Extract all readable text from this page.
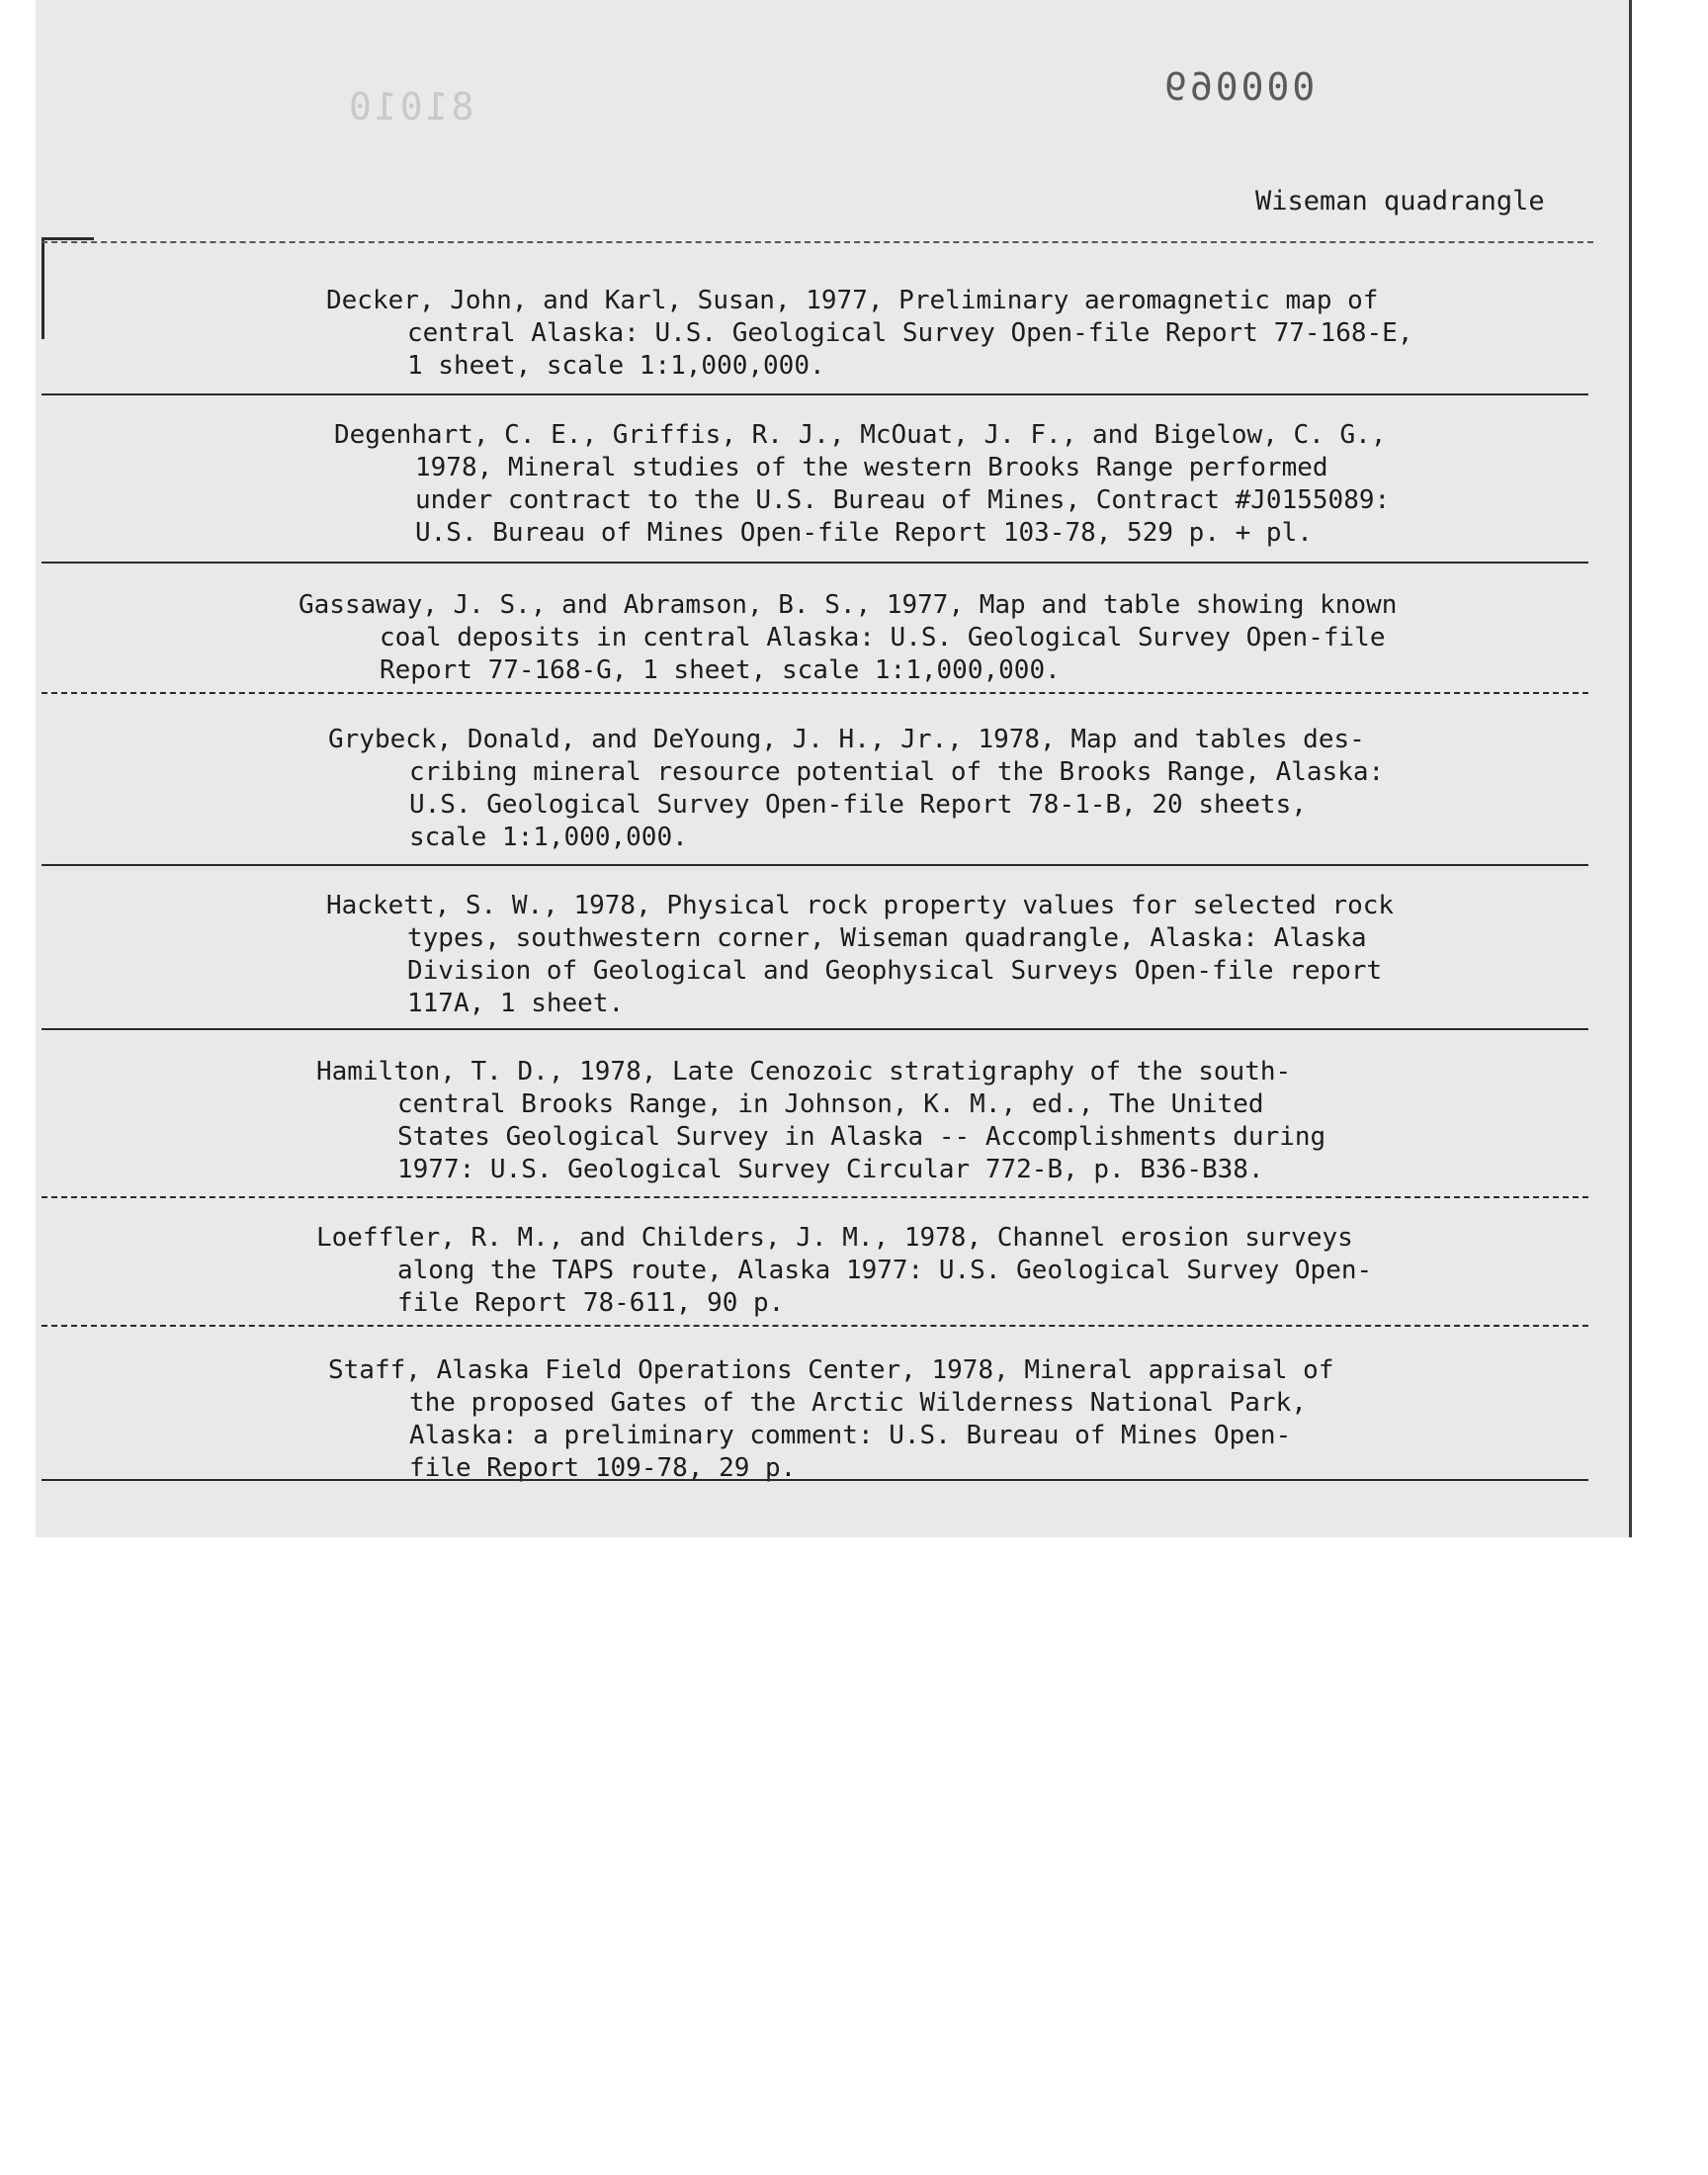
81010	000069
Wiseman quadrangle
Decker, John, and Karl, Susan, 1977, Preliminary aeromagnetic map of
central Alaska: U.S. Geological Survey Open-file Report 77-168-E,
1 sheet, scale 1:1,000,000.
Degenhart, C. E., Griffis, R. J., McOuat, J. F., and Bigelow, C. G.,
1978, Mineral studies of the western Brooks Range performed
under contract to the U.S. Bureau of Mines, Contract #J0155089:
U.S. Bureau of Mines Open-file Report 103-78, 529 p. + pl.
Gassaway, J. S., and Abramson, B. S., 1977, Map and table showing known
coal deposits in central Alaska: U.S. Geological Survey Open-file
Report 77-168-G, 1 sheet, scale 1:1,000,000.
Grybeck, Donald, and DeYoung, J. H., Jr., 1978, Map and tables des-
cribing mineral resource potential of the Brooks Range, Alaska:
U.S. Geological Survey Open-file Report 78-1-B, 20 sheets,
scale 1:1,000,000.
Hackett, S. W., 1978, Physical rock property values for selected rock
types, southwestern corner, Wiseman quadrangle, Alaska: Alaska
Division of Geological and Geophysical Surveys Open-file report
117A, 1 sheet.
Hamilton, T. D., 1978, Late Cenozoic stratigraphy of the south-
central Brooks Range, in Johnson, K. M., ed., The United
States Geological Survey in Alaska -- Accomplishments during
1977: U.S. Geological Survey Circular 772-B, p. B36-B38.
Loeffler, R. M., and Childers, J. M., 1978, Channel erosion surveys
along the TAPS route, Alaska 1977: U.S. Geological Survey Open-
file Report 78-611, 90 p.
Staff, Alaska Field Operations Center, 1978, Mineral appraisal of
the proposed Gates of the Arctic Wilderness National Park,
Alaska: a preliminary comment: U.S. Bureau of Mines Open-
file Report 109-78, 29 p.
